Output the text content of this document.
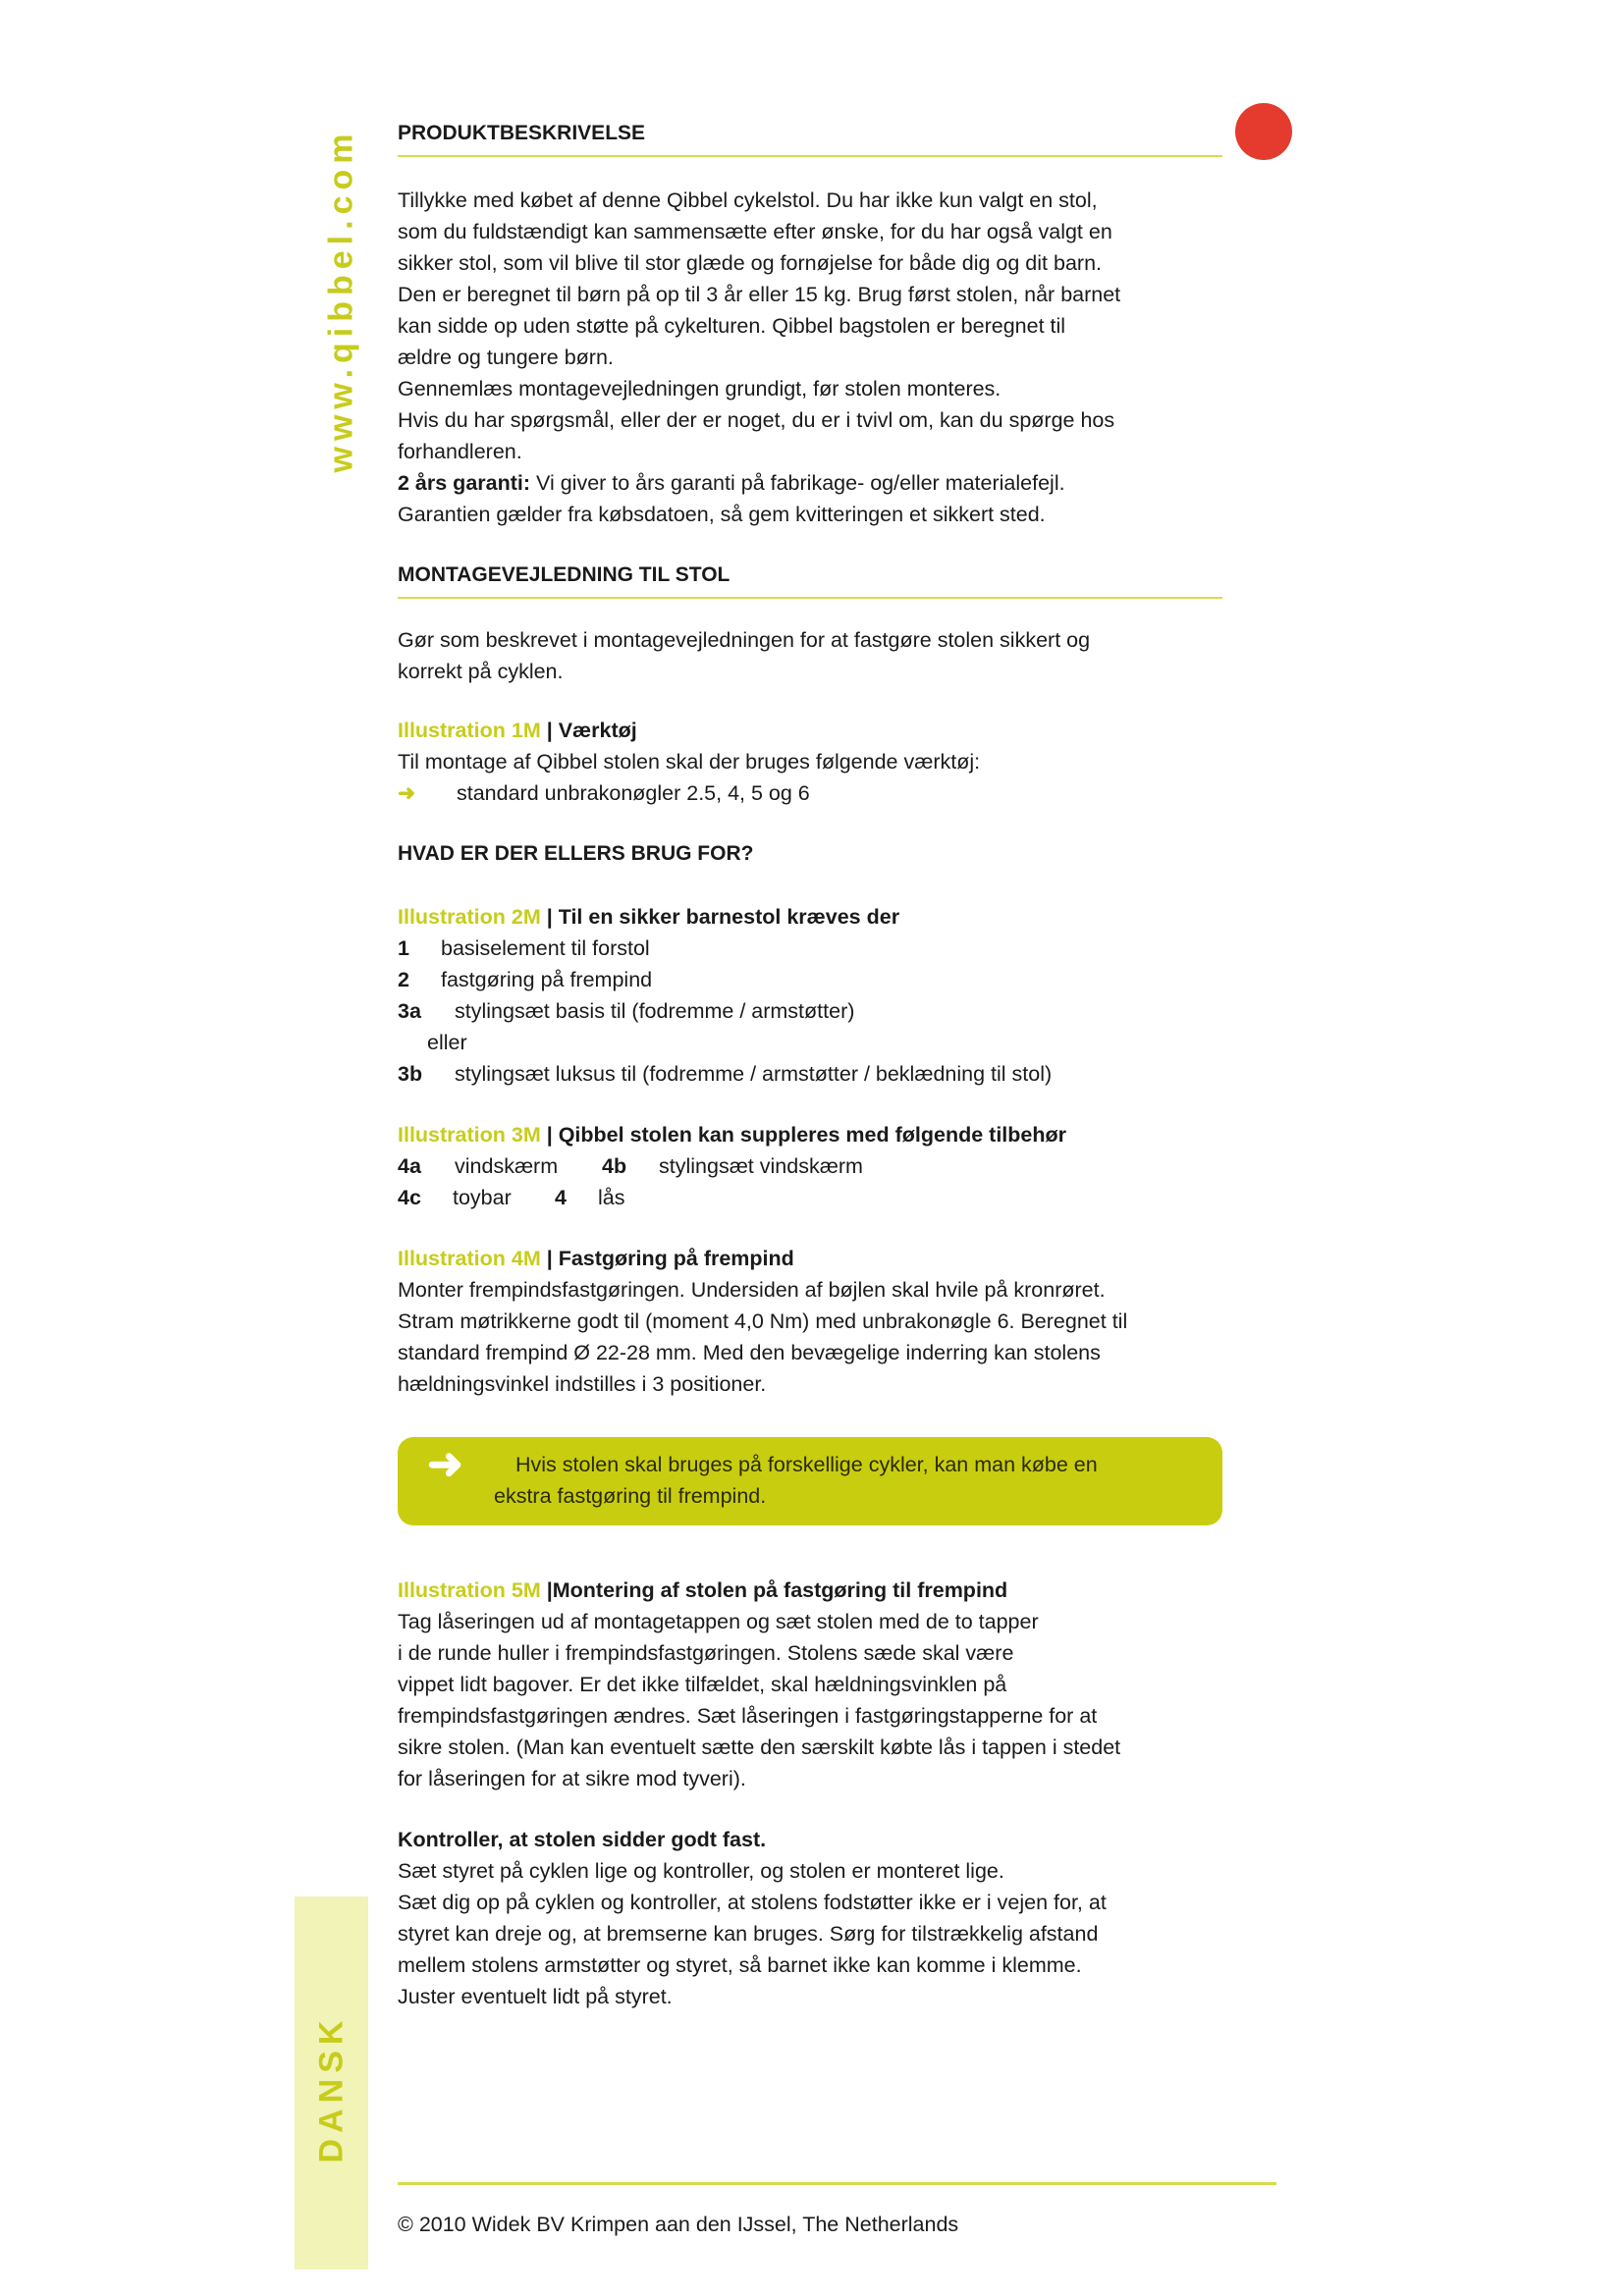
www.qibbel.com
DANSK

PRODUKTBESKRIVELSE

Tillykke med købet af denne Qibbel cykelstol. Du har ikke kun valgt en stol,

som du fuldstændigt kan sammensætte efter ønske, for du har også valgt en

sikker stol, som vil blive til stor glæde og fornøjelse for både dig og dit barn.

Den er beregnet til børn på op til 3 år eller 15 kg. Brug først stolen, når barnet

kan sidde op uden støtte på cykelturen. Qibbel bagstolen er beregnet til

ældre og tungere børn.

Gennemlæs montagevejledningen grundigt, før stolen monteres.

Hvis du har spørgsmål, eller der er noget, du er i tvivl om, kan du spørge hos

forhandleren.

2 års garanti: Vi giver to års garanti på fabrikage- og/eller materialefejl.

Garantien gælder fra købsdatoen, så gem kvitteringen et sikkert sted.

MONTAGEVEJLEDNING TIL STOL

Gør som beskrevet i montagevejledningen for at fastgøre stolen sikkert og

korrekt på cyklen.

Illustration 1M | Værktøj

Til montage af Qibbel stolen skal der bruges følgende værktøj:

➜ standard unbrakonøgler 2.5, 4, 5 og 6

HVAD ER DER ELLERS BRUG FOR?

Illustration 2M | Til en sikker barnestol kræves der

1 basiselement til forstol

2 fastgøring på frempind

3a stylingsæt basis til (fodremme / armstøtter)

eller

3b stylingsæt luksus til (fodremme / armstøtter / beklædning til stol)

Illustration 3M | Qibbel stolen kan suppleres med følgende tilbehør

4a vindskærm 4b stylingsæt vindskærm

4c toybar 4 lås

Illustration 4M | Fastgøring på frempind

Monter frempindsfastgøringen. Undersiden af bøjlen skal hvile på kronrøret.

Stram møtrikkerne godt til (moment 4,0 Nm) med unbrakonøgle 6. Beregnet til

standard frempind Ø 22-28 mm. Med den bevægelige inderring kan stolens

hældningsvinkel indstilles i 3 positioner.

➜	Hvis stolen skal bruges på forskellige cykler, kan man købe en

ekstra fastgøring til frempind.

Illustration 5M |Montering af stolen på fastgøring til frempind

Tag låseringen ud af montagetappen og sæt stolen med de to tapper

i de runde huller i frempindsfastgøringen. Stolens sæde skal være

vippet lidt bagover. Er det ikke tilfældet, skal hældningsvinklen på

frempindsfastgøringen ændres. Sæt låseringen i fastgøringstapperne for at

sikre stolen. (Man kan eventuelt sætte den særskilt købte lås i tappen i stedet

for låseringen for at sikre mod tyveri).

Kontroller, at stolen sidder godt fast.

Sæt styret på cyklen lige og kontroller, og stolen er monteret lige.

Sæt dig op på cyklen og kontroller, at stolens fodstøtter ikke er i vejen for, at

styret kan dreje og, at bremserne kan bruges. Sørg for tilstrækkelig afstand

mellem stolens armstøtter og styret, så barnet ikke kan komme i klemme.

Juster eventuelt lidt på styret.

© 2010 Widek BV Krimpen aan den IJssel, The Netherlands
